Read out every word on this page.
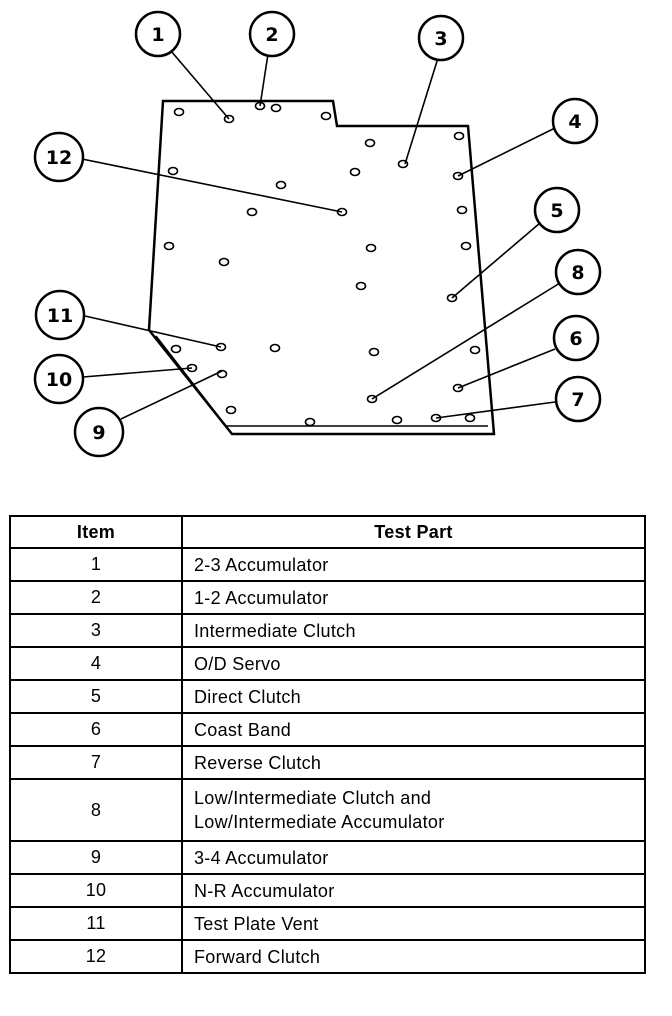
1	2	3
4
5
8
6
7
12
11
10
9
Item	Test Part
1	2-3 Accumulator
2	1-2 Accumulator
3	Intermediate Clutch
4	O/D Servo
5	Direct Clutch
6	Coast Band
7	Reverse Clutch
8	Low/Intermediate Clutch and
Low/Intermediate Accumulator

9	3-4 Accumulator
10	N-R Accumulator
11	Test Plate Vent
12	Forward Clutch
